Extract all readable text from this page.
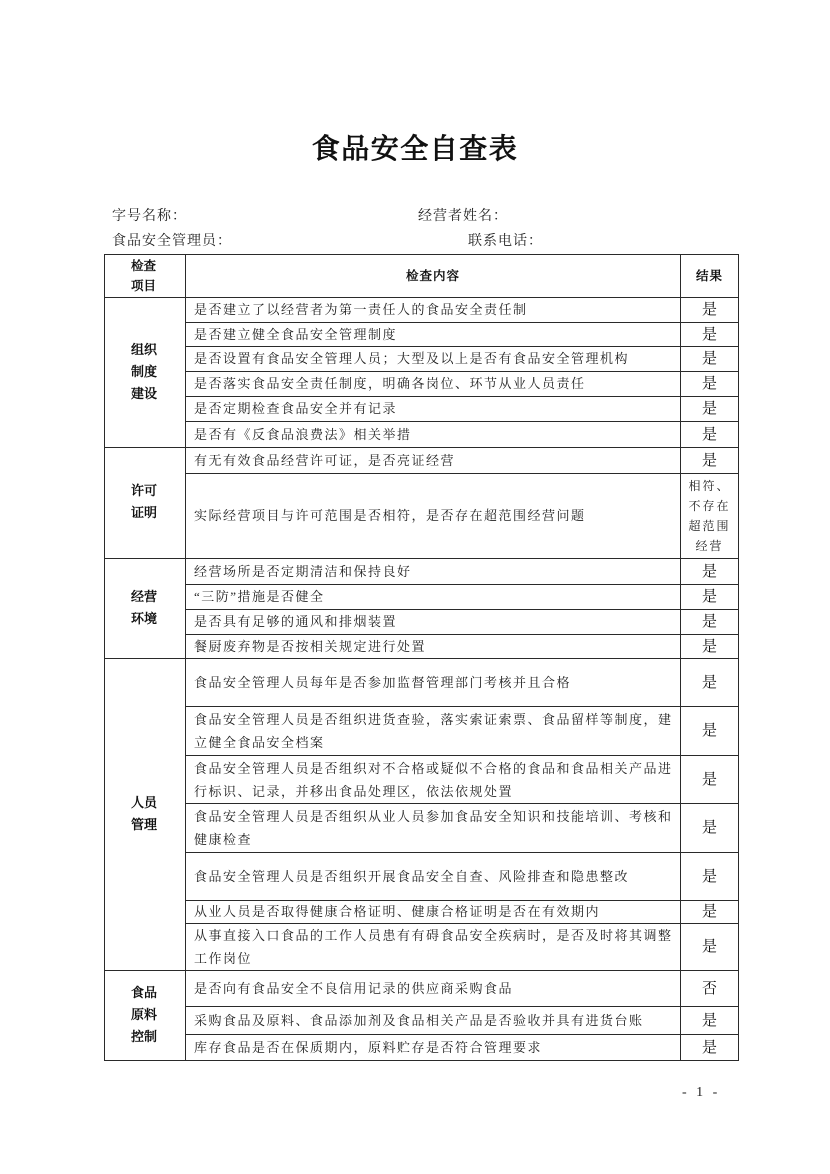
食品安全自查表
字号名称：	经营者姓名：
食品安全管理员：	联系电话：
检查项目	检查内容	结果
组织制度建设	是否建立了以经营者为第一责任人的食品安全责任制	是

	是否建立健全食品安全管理制度	是

	是否设置有食品安全管理人员；大型及以上是否有食品安全管理机构	是

	是否落实食品安全责任制度，明确各岗位、环节从业人员责任	是

	是否定期检查食品安全并有记录	是

	是否有《反食品浪费法》相关举措	是
许可证明	有无有效食品经营许可证，是否亮证经营	是

	实际经营项目与许可范围是否相符，是否存在超范围经营问题	相符、不存在超范围经营

经营环境	经营场所是否定期清洁和保持良好	是

	“三防”措施是否健全	是

	是否具有足够的通风和排烟装置	是

	餐厨废弃物是否按相关规定进行处置	是
人员管理	食品安全管理人员每年是否参加监督管理部门考核并且合格	是

	食品安全管理人员是否组织进货查验，落实索证索票、食品留样等制度，建立健全食品安全档案	是

	食品安全管理人员是否组织对不合格或疑似不合格的食品和食品相关产品进行标识、记录，并移出食品处理区，依法依规处置	是

	食品安全管理人员是否组织从业人员参加食品安全知识和技能培训、考核和健康检查	是

	食品安全管理人员是否组织开展食品安全自查、风险排查和隐患整改	是

	从业人员是否取得健康合格证明、健康合格证明是否在有效期内	是

	从事直接入口食品的工作人员患有有碍食品安全疾病时，是否及时将其调整工作岗位	是
食品原料控制	是否向有食品安全不良信用记录的供应商采购食品	否

	采购食品及原料、食品添加剂及食品相关产品是否验收并具有进货台账	是

	库存食品是否在保质期内，原料贮存是否符合管理要求	是
- 1 -
